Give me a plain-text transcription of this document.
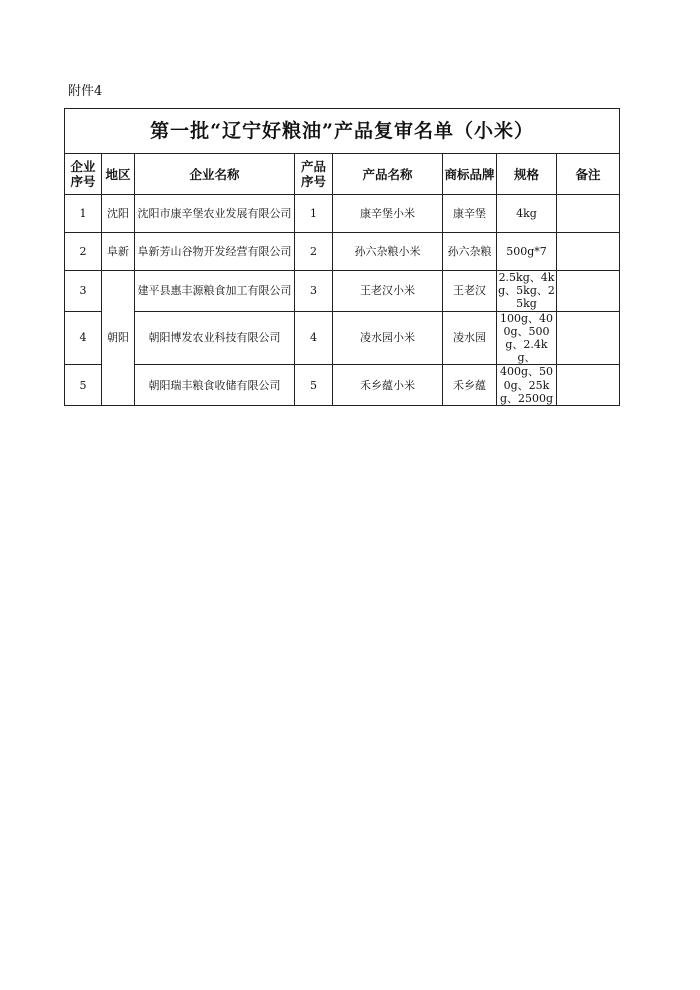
附件4
第一批“辽宁好粮油”产品复审名单（小米）							
企业序号	地区	企业名称	产品序号	产品名称	商标品牌	规格	备注
1	沈阳	沈阳市康辛堡农业发展有限公司	1	康辛堡小米	康辛堡	4kg	
2	阜新	阜新芳山谷物开发经营有限公司	2	孙六杂粮小米	孙六杂粮	500g*7	
3	朝阳	建平县惠丰源粮食加工有限公司	3	王老汉小米	王老汉	2.5kg、4kg、5kg、25kg	
4		朝阳博发农业科技有限公司	4	凌水园小米	凌水园	100g、400g、500g、2.4kg、	
5		朝阳瑞丰粮食收储有限公司	5	禾乡蕴小米	禾乡蕴	400g、500g、25kg、2500g	
